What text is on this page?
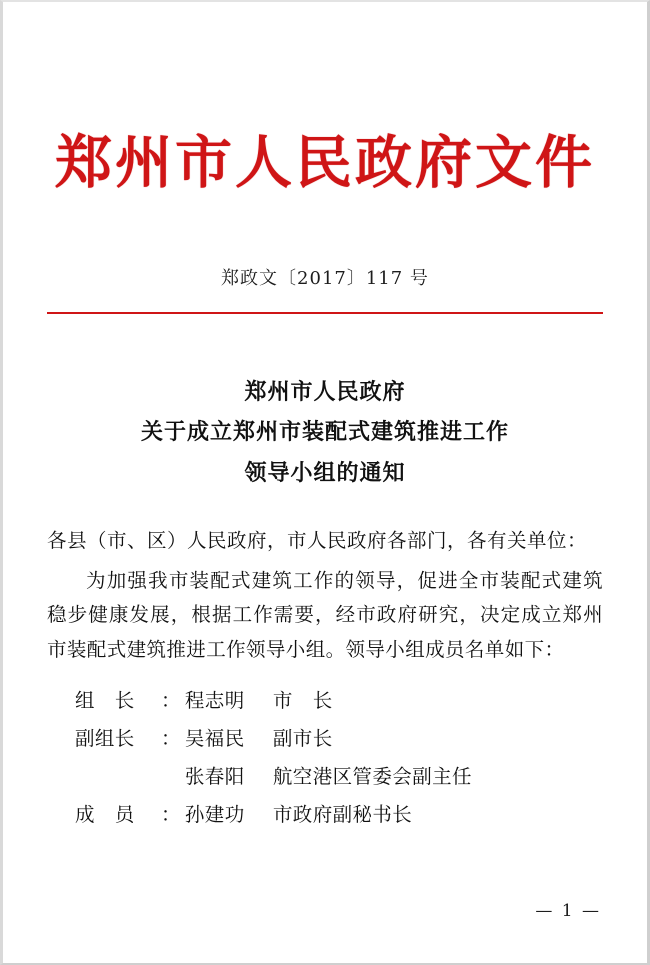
郑州市人民政府文件
郑政文〔2017〕117 号
郑州市人民政府
关于成立郑州市装配式建筑推进工作
领导小组的通知
各县（市、区）人民政府，市人民政府各部门，各有关单位：
为加强我市装配式建筑工作的领导，促进全市装配式建筑稳步健康发展，根据工作需要，经市政府研究，决定成立郑州市装配式建筑推进工作领导小组。领导小组成员名单如下：
组　长 ： 程志明 市　长
副组长 ： 吴福民 副市长
　张春阳 航空港区管委会副主任
成　员 ： 孙建功 市政府副秘书长
— 1 —
